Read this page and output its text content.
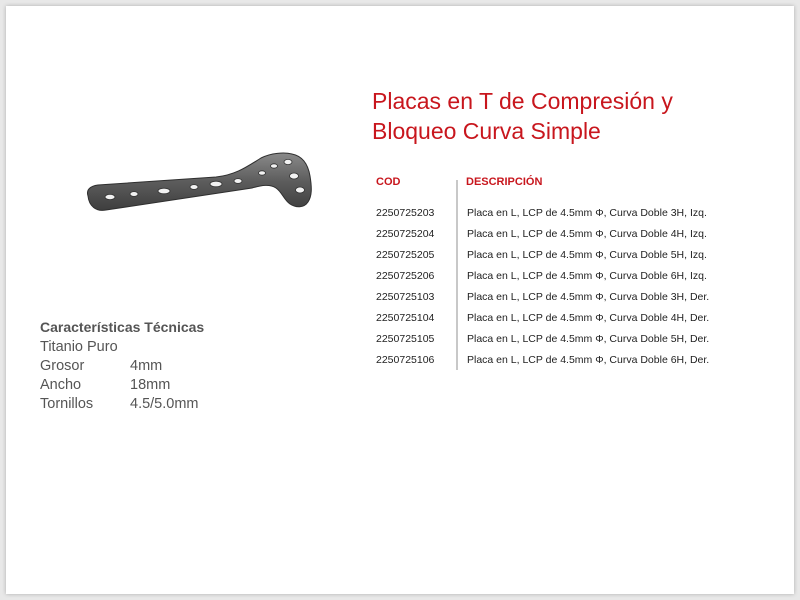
Placas en T de Compresión y
Bloqueo Curva Simple
COD	DESCRIPCIÓN
2250725203	Placa en L, LCP de 4.5mm Φ, Curva Doble 3H, Izq.
2250725204	Placa en L, LCP de 4.5mm Φ, Curva Doble 4H, Izq.
2250725205	Placa en L, LCP de 4.5mm Φ, Curva Doble 5H, Izq.
2250725206	Placa en L, LCP de 4.5mm Φ, Curva Doble 6H, Izq.
2250725103	Placa en L, LCP de 4.5mm Φ, Curva Doble 3H, Der.
2250725104	Placa en L, LCP de 4.5mm Φ, Curva Doble 4H, Der.
2250725105	Placa en L, LCP de 4.5mm Φ, Curva Doble 5H, Der.
2250725106	Placa en L, LCP de 4.5mm Φ, Curva Doble 6H, Der.
Características Técnicas
Titanio Puro
Grosor	4mm
Ancho	18mm
Tornillos	4.5/5.0mm
